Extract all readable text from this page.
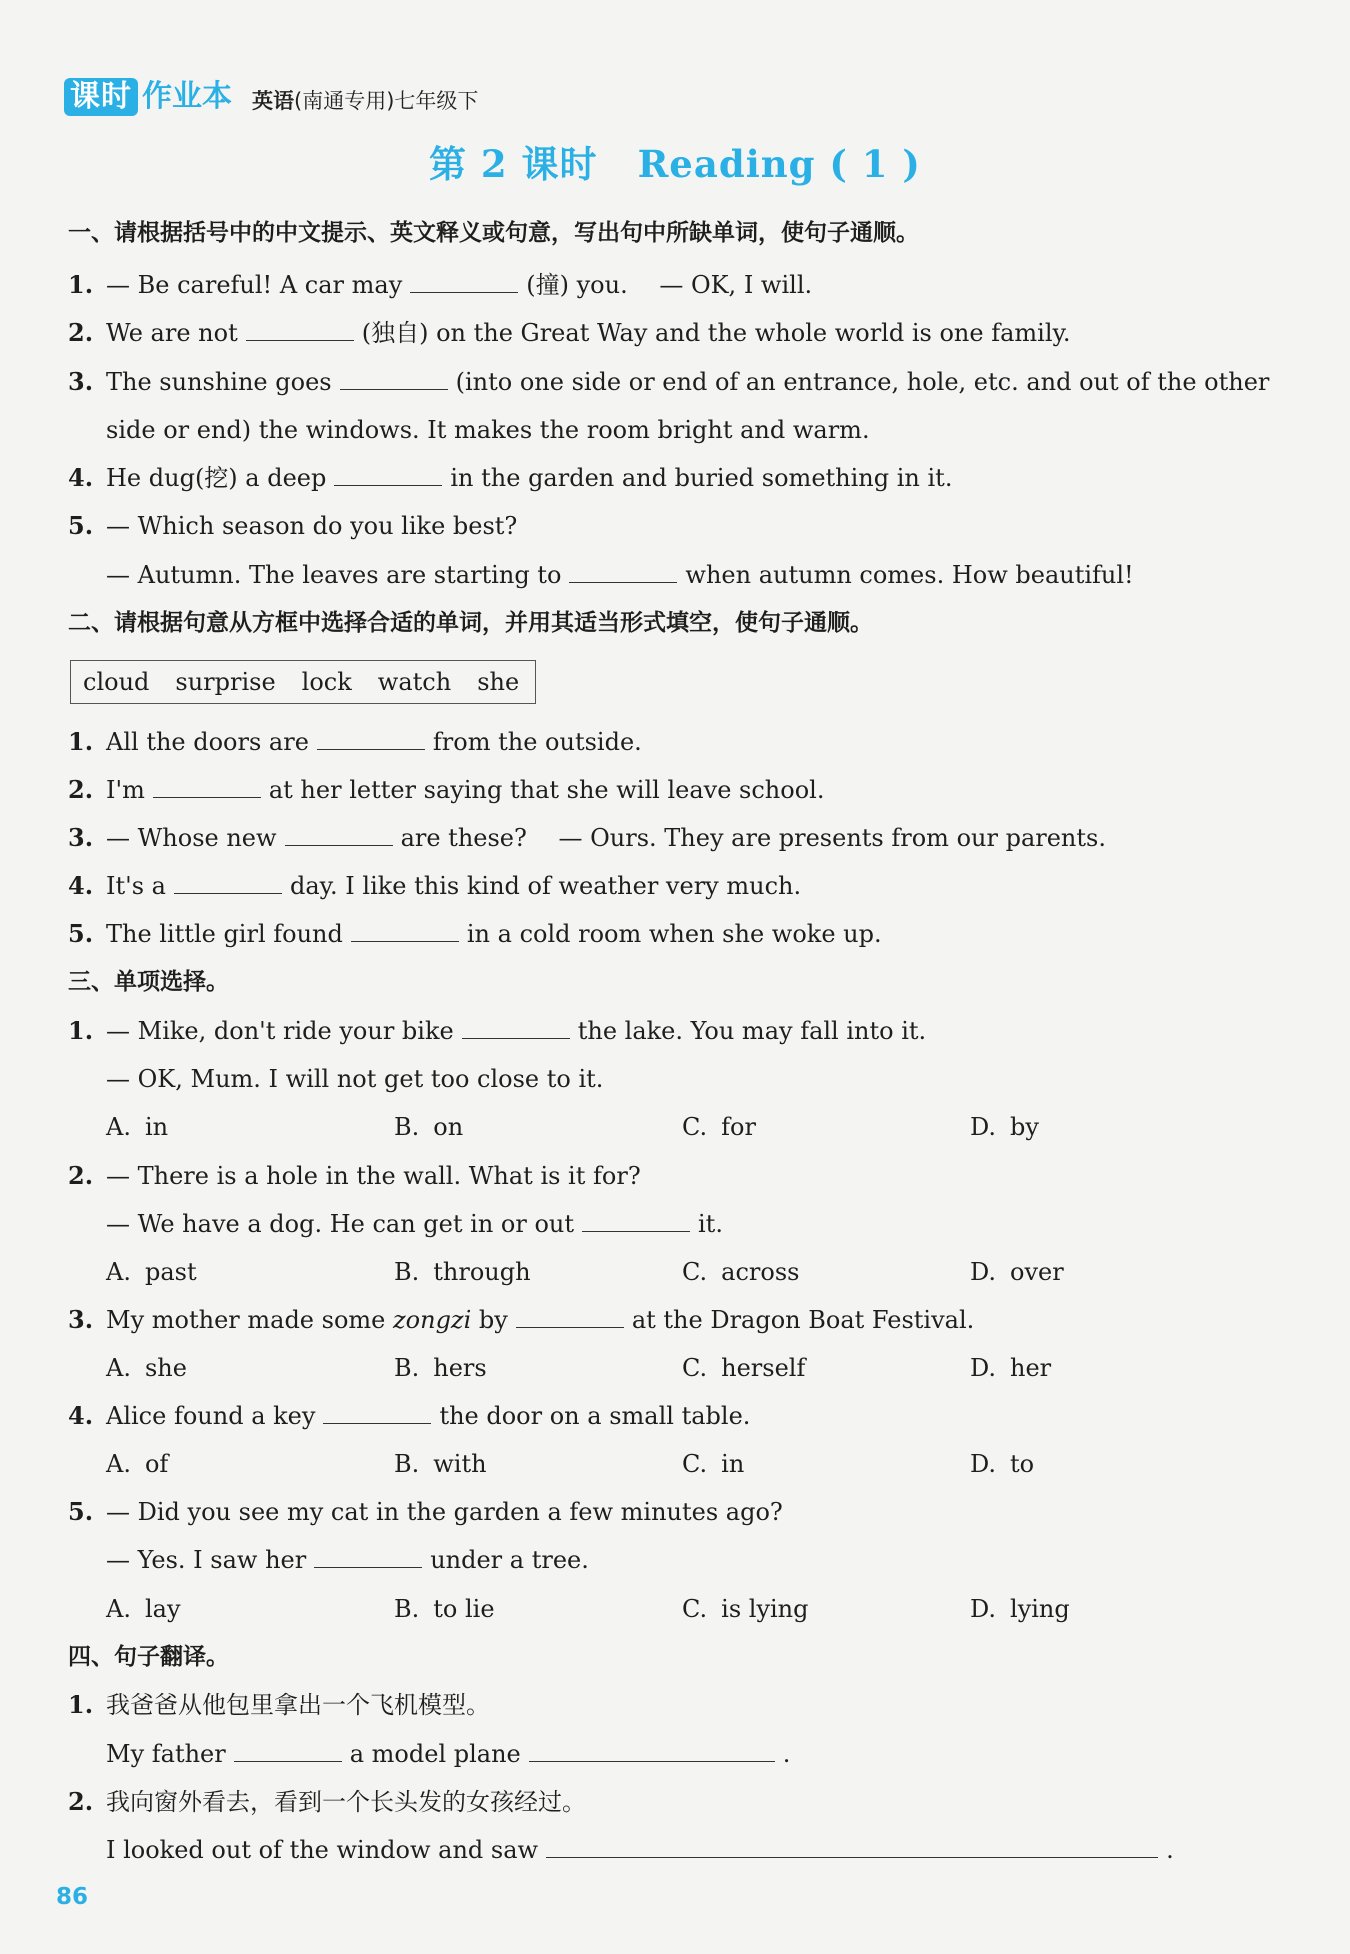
课时 作业本 英语(南通专用)七年级下
第 2 课时 Reading ( 1 )
一、请根据括号中的中文提示、英文释义或句意，写出句中所缺单词，使句子通顺。
1. — Be careful! A car may	(撞) you.　 — OK, I will.
2. We are not	(独自) on the Great Way and the whole world is one family.
3. The sunshine goes	(into one side or end of an entrance, hole, etc. and out of the other
side or end) the windows. It makes the room bright and warm.
4. He dug(挖) a deep	in the garden and buried something in it.
5. — Which season do you like best?
— Autumn. The leaves are starting to	when autumn comes. How beautiful!
二、请根据句意从方框中选择合适的单词，并用其适当形式填空，使句子通顺。
cloud surprise lock watch she
1. All the doors are	from the outside.
2. I'm	at her letter saying that she will leave school.
3. — Whose new	are these?　 — Ours. They are presents from our parents.
4. It's a	day. I like this kind of weather very much.
5. The little girl found	in a cold room when she woke up.
三、单项选择。
1. — Mike, don't ride your bike	the lake. You may fall into it.
— OK, Mum. I will not get too close to it.
A. in	B. on	C. for	D. by
2. — There is a hole in the wall. What is it for?
— We have a dog. He can get in or out	it.
A. past	B. through	C. across	D. over
3. My mother made some zongzi by	at the Dragon Boat Festival.
A. she	B. hers	C. herself	D. her
4. Alice found a key	the door on a small table.
A. of	B. with	C. in	D. to
5. — Did you see my cat in the garden a few minutes ago?
— Yes. I saw her	under a tree.
A. lay	B. to lie	C. is lying	D. lying
四、句子翻译。
1. 我爸爸从他包里拿出一个飞机模型。
My father	a model plane	.
2. 我向窗外看去，看到一个长头发的女孩经过。
I looked out of the window and saw	.
86
